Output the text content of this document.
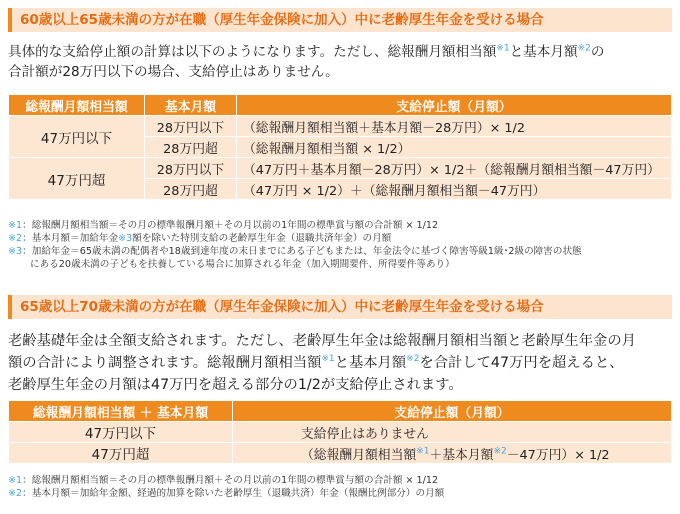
60歳以上65歳未満の方が在職（厚生年金保険に加入）中に老齢厚生年金を受ける場合
具体的な支給停止額の計算は以下のようになります。ただし、総報酬月額相当額$^{※1}$と基本月額$^{※2}$の
合計額が28万円以下の場合、支給停止はありません。
総報酬月額相当額	基本月額	支給停止額（月額）
47万円以下	28万円以下	（総報酬月額相当額＋基本月額－28万円）× 1/2
	28万円超	（総報酬月額相当額 × 1/2）
47万円超	28万円以下	（47万円＋基本月額－28万円）× 1/2＋（総報酬月額相当額－47万円）
	28万円超	（47万円 × 1/2）＋（総報酬月額相当額－47万円）
※1：総報酬月額相当額＝その月の標準報酬月額＋その月以前の1年間の標準賞与額の合計額 × 1/12
※2：基本月額＝加給年金※3額を除いた特別支給の老齢厚生年金（退職共済年金）の月額
※3：加給年金＝65歳未満の配偶者や18歳到達年度の末日までにある子どもまたは、年金法令に基づく障害等級1級･2級の障害の状態
にある20歳未満の子どもを扶養している場合に加算される年金（加入期間要件、所得要件等あり）
65歳以上70歳未満の方が在職（厚生年金保険に加入）中に老齢厚生年金を受ける場合
老齢基礎年金は全額支給されます。ただし、老齢厚生年金は総報酬月額相当額と老齢厚生年金の月
額の合計により調整されます。総報酬月額相当額$^{※1}$と基本月額$^{※2}$を合計して47万円を超えると、
老齢厚生年金の月額は47万円を超える部分の1/2が支給停止されます。
総報酬月額相当額 ＋ 基本月額	支給停止額（月額）
47万円以下	支給停止はありません
47万円超	（総報酬月額相当額$^{※1}$＋基本月額$^{※2}$－47万円）× 1/2
※1：総報酬月額相当額＝その月の標準報酬月額＋その月以前の1年間の標準賞与額の合計額 × 1/12
※2：基本月額＝加給年金額、経過的加算を除いた老齢厚生（退職共済）年金（報酬比例部分）の月額
